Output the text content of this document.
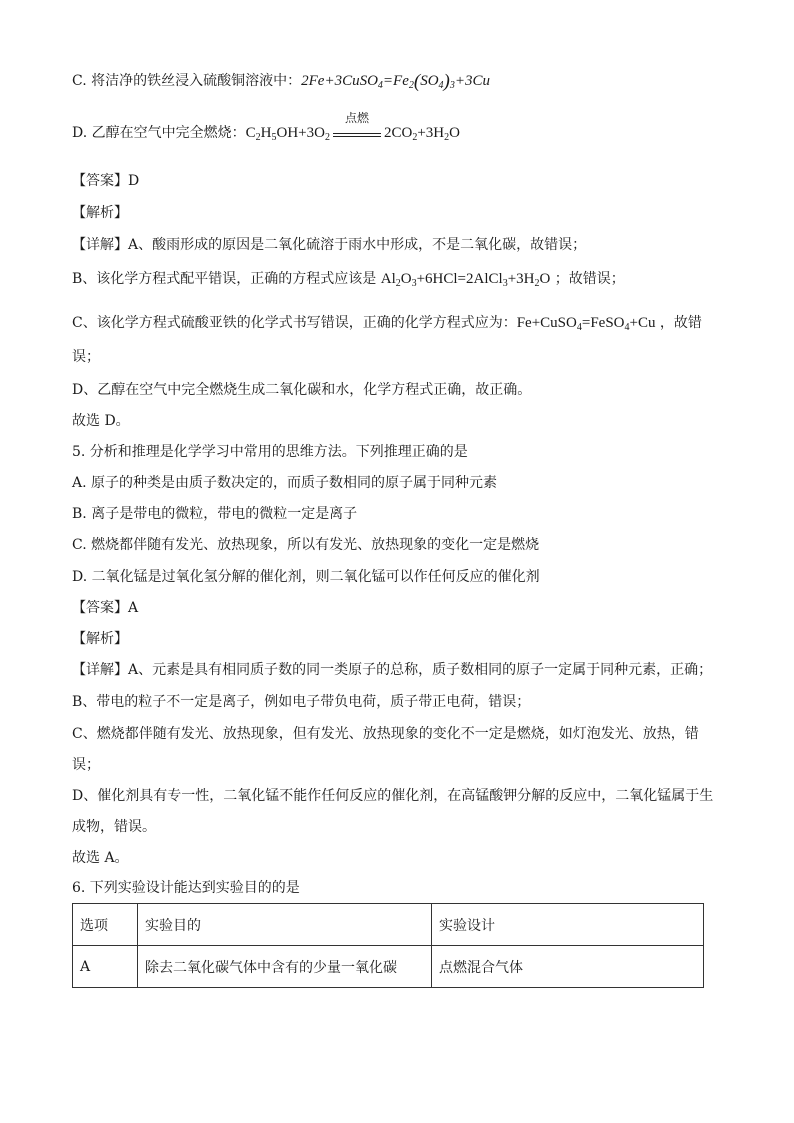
C. 将洁净的铁丝浸入硫酸铜溶液中：$2Fe+3CuSO_4=Fe_2(SO_4)_3+3Cu$
D. 乙醇在空气中完全燃烧：$C_2H_5OH+3O_2$
点燃
$2CO_2+3H_2O$
【答案】D
【解析】
【详解】A、酸雨形成的原因是二氧化硫溶于雨水中形成，不是二氧化碳，故错误；
B、该化学方程式配平错误，正确的方程式应该是 $Al_2O_3+6HCl=2AlCl_3+3H_2O$ ；故错误；
C、该化学方程式硫酸亚铁的化学式书写错误，正确的化学方程式应为：Fe+CuSO$_4$=FeSO$_4$+Cu ，故错
误；
D、乙醇在空气中完全燃烧生成二氧化碳和水，化学方程式正确，故正确。
故选 D。
5. 分析和推理是化学学习中常用的思维方法。下列推理正确的是
A. 原子的种类是由质子数决定的，而质子数相同的原子属于同种元素
B. 离子是带电的微粒，带电的微粒一定是离子
C. 燃烧都伴随有发光、放热现象，所以有发光、放热现象的变化一定是燃烧
D. 二氧化锰是过氧化氢分解的催化剂，则二氧化锰可以作任何反应的催化剂
【答案】A
【解析】
【详解】A、元素是具有相同质子数的同一类原子的总称，质子数相同的原子一定属于同种元素，正确；
B、带电的粒子不一定是离子，例如电子带负电荷，质子带正电荷，错误；
C、燃烧都伴随有发光、放热现象，但有发光、放热现象的变化不一定是燃烧，如灯泡发光、放热，错
误；
D、催化剂具有专一性，二氧化锰不能作任何反应的催化剂，在高锰酸钾分解的反应中，二氧化锰属于生
成物，错误。
故选 A。
6. 下列实验设计能达到实验目的的是
选项	实验目的	实验设计
A	除去二氧化碳气体中含有的少量一氧化碳	点燃混合气体
